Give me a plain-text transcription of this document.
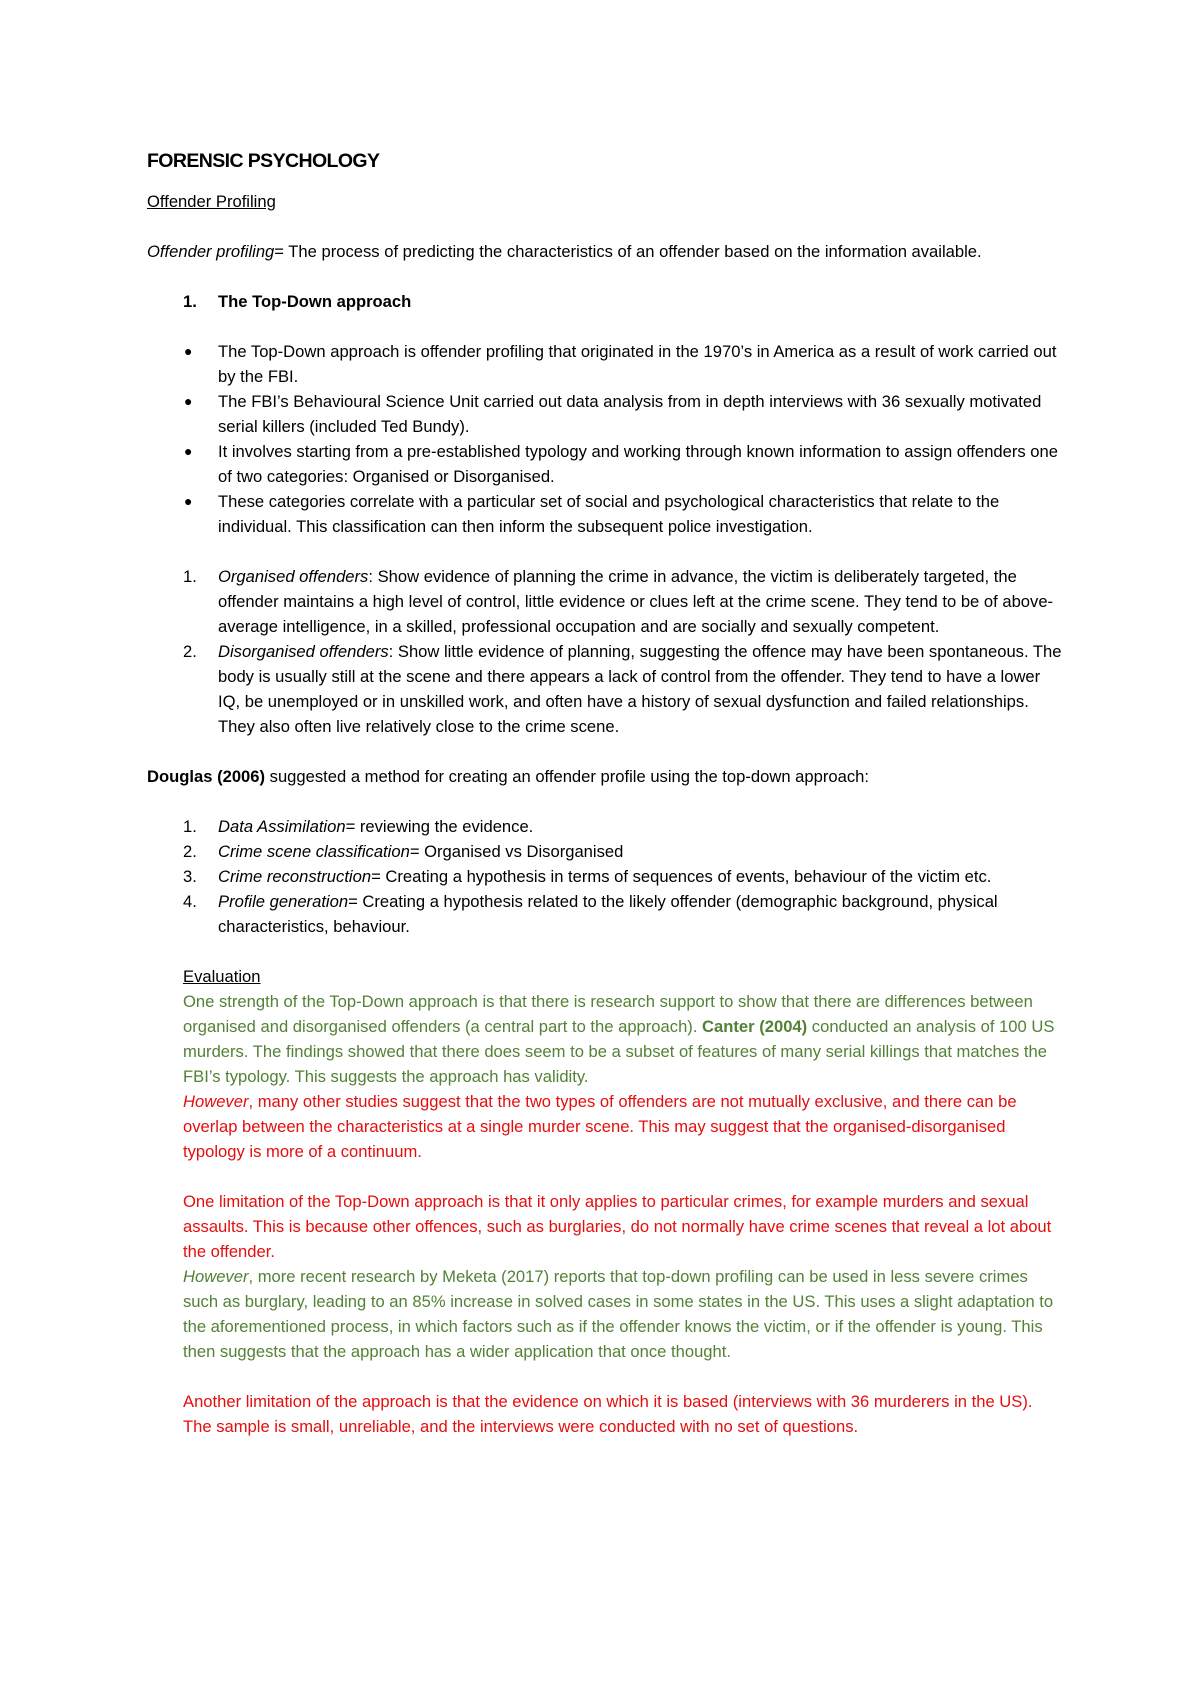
FORENSIC PSYCHOLOGY

Offender Profiling

Offender profiling= The process of predicting the characteristics of an offender based on the information available.

1. The Top-Down approach
● The Top-Down approach is offender profiling that originated in the 1970’s in America as a result of work carried out by the FBI.
● The FBI’s Behavioural Science Unit carried out data analysis from in depth interviews with 36 sexually motivated serial killers (included Ted Bundy).
● It involves starting from a pre-established typology and working through known information to assign offenders one of two categories: Organised or Disorganised.
● These categories correlate with a particular set of social and psychological characteristics that relate to the individual. This classification can then inform the subsequent police investigation.
1. Organised offenders: Show evidence of planning the crime in advance, the victim is deliberately targeted, the offender maintains a high level of control, little evidence or clues left at the crime scene. They tend to be of above-average intelligence, in a skilled, professional occupation and are socially and sexually competent.
2. Disorganised offenders: Show little evidence of planning, suggesting the offence may have been spontaneous. The body is usually still at the scene and there appears a lack of control from the offender. They tend to have a lower IQ, be unemployed or in unskilled work, and often have a history of sexual dysfunction and failed relationships. They also often live relatively close to the crime scene.

Douglas (2006) suggested a method for creating an offender profile using the top-down approach:

1. Data Assimilation= reviewing the evidence.
2. Crime scene classification= Organised vs Disorganised
3. Crime reconstruction= Creating a hypothesis in terms of sequences of events, behaviour of the victim etc.
4. Profile generation= Creating a hypothesis related to the likely offender (demographic background, physical characteristics, behaviour.

Evaluation

One strength of the Top-Down approach is that there is research support to show that there are differences between organised and disorganised offenders (a central part to the approach). Canter (2004) conducted an analysis of 100 US murders. The findings showed that there does seem to be a subset of features of many serial killings that matches the FBI’s typology. This suggests the approach has validity.

However, many other studies suggest that the two types of offenders are not mutually exclusive, and there can be overlap between the characteristics at a single murder scene. This may suggest that the organised-disorganised typology is more of a continuum.

One limitation of the Top-Down approach is that it only applies to particular crimes, for example murders and sexual assaults. This is because other offences, such as burglaries, do not normally have crime scenes that reveal a lot about the offender.

However, more recent research by Meketa (2017) reports that top-down profiling can be used in less severe crimes such as burglary, leading to an 85% increase in solved cases in some states in the US. This uses a slight adaptation to the aforementioned process, in which factors such as if the offender knows the victim, or if the offender is young. This then suggests that the approach has a wider application that once thought.

Another limitation of the approach is that the evidence on which it is based (interviews with 36 murderers in the US). The sample is small, unreliable, and the interviews were conducted with no set of questions.
